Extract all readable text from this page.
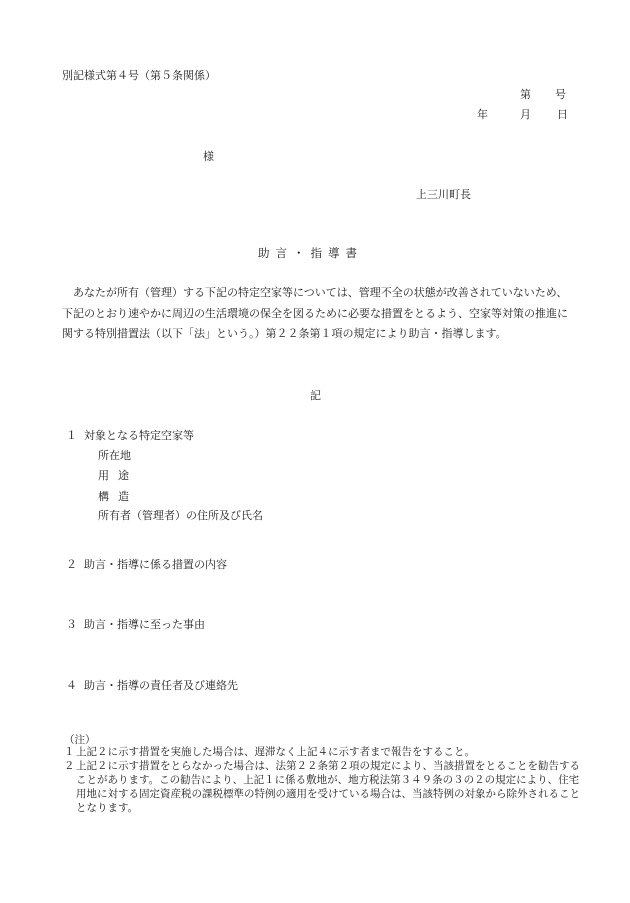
別記様式第４号（第５条関係）
第 号
年	月 日
様
上三川町長
助言・指導書
あなたが所有（管理）する下記の特定空家等については、管理不全の状態が改善されていないため、下記のとおり速やかに周辺の生活環境の保全を図るために必要な措置をとるよう、空家等対策の推進に関する特別措置法（以下「法」という。）第２２条第１項の規定により助言・指導します。
記
１ 対象となる特定空家等
所在地
用途
構造
所有者（管理者）の住所及び氏名
２ 助言・指導に係る措置の内容
３ 助言・指導に至った事由
４ 助言・指導の責任者及び連絡先
（注）
１ 上記２に示す措置を実施した場合は、遅滞なく上記４に示す者まで報告をすること。
２ 上記２に示す措置をとらなかった場合は、法第２２条第２項の規定により、当該措置をとることを勧告することがあります。この勧告により、上記１に係る敷地が、地方税法第３４９条の３の２の規定により、住宅用地に対する固定資産税の課税標準の特例の適用を受けている場合は、当該特例の対象から除外されることとなります。
